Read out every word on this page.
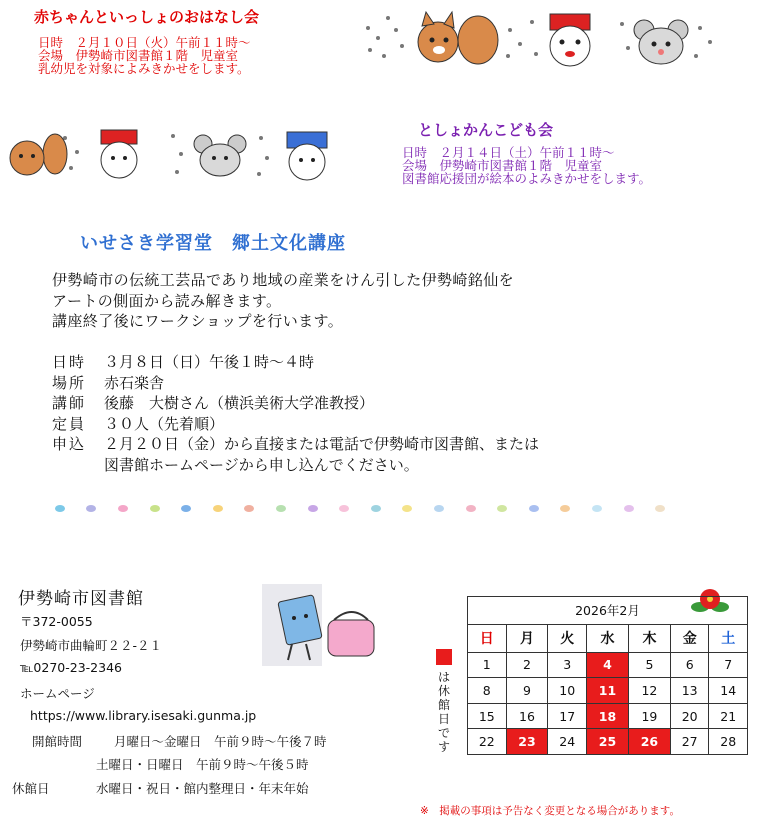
赤ちゃんといっしょのおはなし会
日時　２月１０日（火）午前１１時～
会場　伊勢崎市図書館１階　児童室
乳幼児を対象によみきかせをします。
としょかんこども会
日時　２月１４日（土）午前１１時～
会場　伊勢崎市図書館１階　児童室
図書館応援団が絵本のよみきかせをします。
いせさき学習堂　郷土文化講座
伊勢崎市の伝統工芸品であり地域の産業をけん引した伊勢崎銘仙を
アートの側面から読み解きます。
講座終了後にワークショップを行います。
日時	３月８日（日）午後１時～４時
場所	赤石楽舎
講師	後藤　大樹さん（横浜美術大学准教授）
定員	３０人（先着順）
申込	２月２０日（金）から直接または電話で伊勢崎市図書館、または
図書館ホームページから申し込んでください。
伊勢崎市図書館
〒372-0055
伊勢崎市曲輪町２２‐２１
℡0270-23-2346
ホームページ
https://www.library.isesaki.gunma.jp
開館時間	月曜日～金曜日　午前９時～午後７時
土曜日・日曜日　午前９時～午後５時
休館日	水曜日・祝日・館内整理日・年末年始
は休館日です
2026年2月						
日	月	火	水	木	金	土
1	2	3	4	5	6	7
8	9	10	11	12	13	14
15	16	17	18	19	20	21
22	23	24	25	26	27	28
※　掲載の事項は予告なく変更となる場合があります。
